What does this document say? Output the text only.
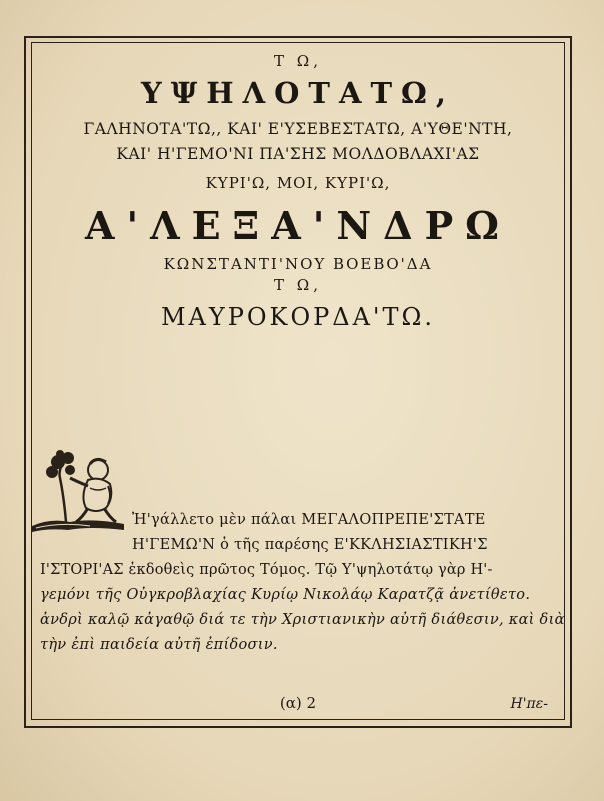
Τ Ω,

ΥΨΗΛΟΤΑΤΩ,

ΓΑΛΗΝΟΤΑ'ΤΩ,, ΚΑΙ' Ε'ΥΣΕΒΕΣΤΑΤΩ, Α'ΥΘΕ'ΝΤΗ,

ΚΑΙ' Η'ΓΕΜΟ'ΝΙ ΠΑ'ΣΗΣ ΜΟΛΔΟΒΛΑΧΙ'ΑΣ

ΚΥΡΙ'Ω, ΜΟΙ, ΚΥΡΙ'Ω,

Α'ΛΕΞΑ'ΝΔΡΩ

ΚΩΝΣΤΑΝΤΙ'ΝΟΥ ΒΟΕΒΟ'ΔΑ

Τ Ω,

ΜΑΥΡΟΚΟΡΔΑ'ΤΩ.

Ἠ'γάλλετο μὲν πάλαι ΜΕΓΑΛΟΠΡΕΠΕ'ΣΤΑΤΕ

Η'ΓΕΜΩ'Ν ὁ τῆς παρέσης Ε'ΚΚΛΗΣΙΑΣΤΙΚΗ'Σ

Ι'ΣΤΟΡΙ'ΑΣ ἐκδοθεὶς πρῶτος Τόμος. Τῷ Υ'ψηλοτάτῳ γὰρ Η'-

γεμόνι τῆς Οὐγκροβλαχίας Κυρίῳ Νικολάῳ Καρατζᾷ ἀνετίθετο.

ἀνδρὶ καλῷ κἀγαθῷ διά τε τὴν Χριστιανικὴν αὐτῆ διάθεσιν, καὶ διὰ

τὴν ἐπὶ παιδεία αὐτῆ ἐπίδοσιν.

(α) 2	Η'πε-
